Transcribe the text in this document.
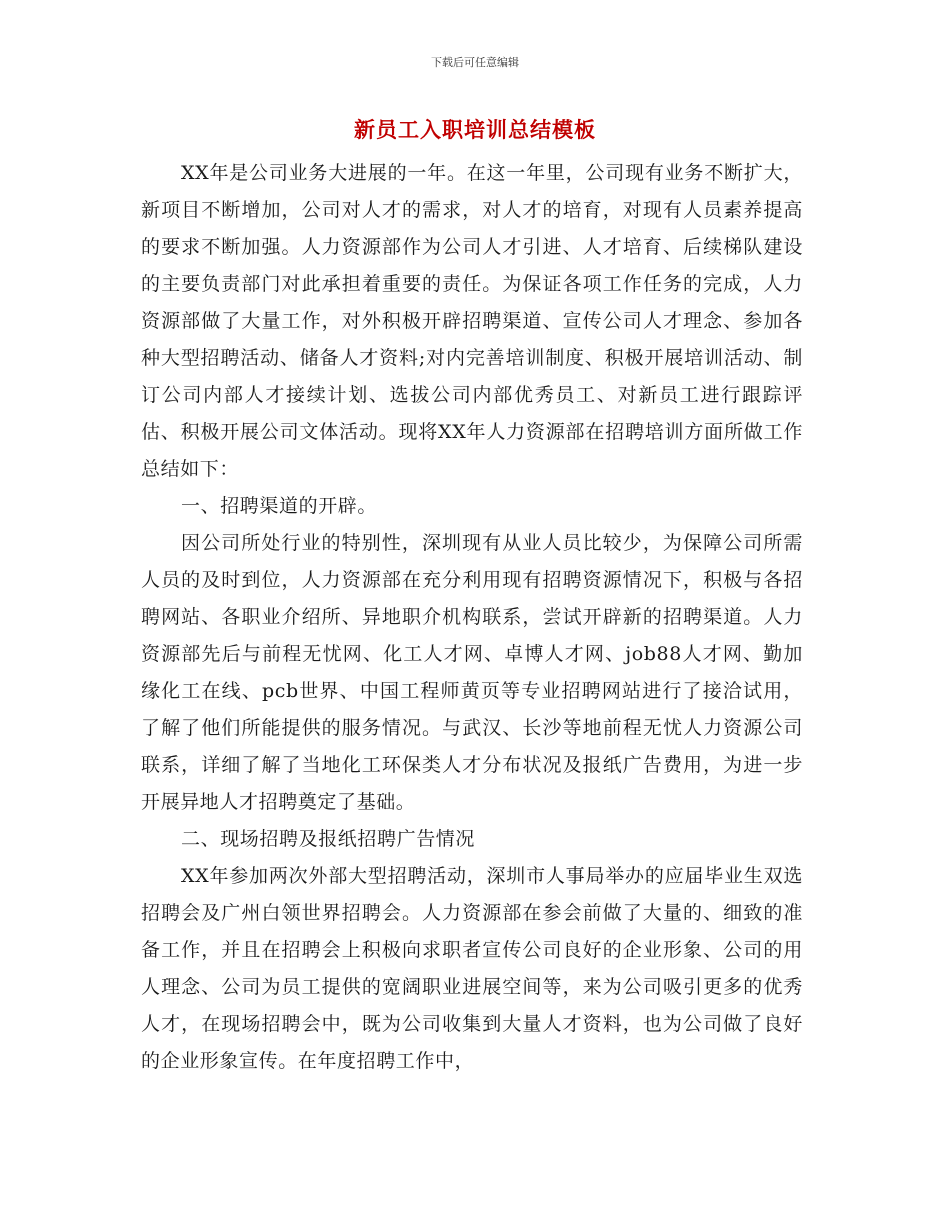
下载后可任意编辑
新员工入职培训总结模板

XX年是公司业务大进展的一年。在这一年里，公司现有业务不断扩大，新项目不断增加，公司对人才的需求，对人才的培育，对现有人员素养提高的要求不断加强。人力资源部作为公司人才引进、人才培育、后续梯队建设的主要负责部门对此承担着重要的责任。为保证各项工作任务的完成，人力资源部做了大量工作，对外积极开辟招聘渠道、宣传公司人才理念、参加各种大型招聘活动、储备人才资料;对内完善培训制度、积极开展培训活动、制订公司内部人才接续计划、选拔公司内部优秀员工、对新员工进行跟踪评估、积极开展公司文体活动。现将XX年人力资源部在招聘培训方面所做工作总结如下：

一、招聘渠道的开辟。

因公司所处行业的特别性，深圳现有从业人员比较少，为保障公司所需人员的及时到位，人力资源部在充分利用现有招聘资源情况下，积极与各招聘网站、各职业介绍所、异地职介机构联系，尝试开辟新的招聘渠道。人力资源部先后与前程无忧网、化工人才网、卓博人才网、job88人才网、勤加缘化工在线、pcb世界、中国工程师黄页等专业招聘网站进行了接洽试用，了解了他们所能提供的服务情况。与武汉、长沙等地前程无忧人力资源公司联系，详细了解了当地化工环保类人才分布状况及报纸广告费用，为进一步开展异地人才招聘奠定了基础。

二、现场招聘及报纸招聘广告情况

XX年参加两次外部大型招聘活动，深圳市人事局举办的应届毕业生双选招聘会及广州白领世界招聘会。人力资源部在参会前做了大量的、细致的准备工作，并且在招聘会上积极向求职者宣传公司良好的企业形象、公司的用人理念、公司为员工提供的宽阔职业进展空间等，来为公司吸引更多的优秀人才，在现场招聘会中，既为公司收集到大量人才资料，也为公司做了良好的企业形象宣传。在年度招聘工作中，
